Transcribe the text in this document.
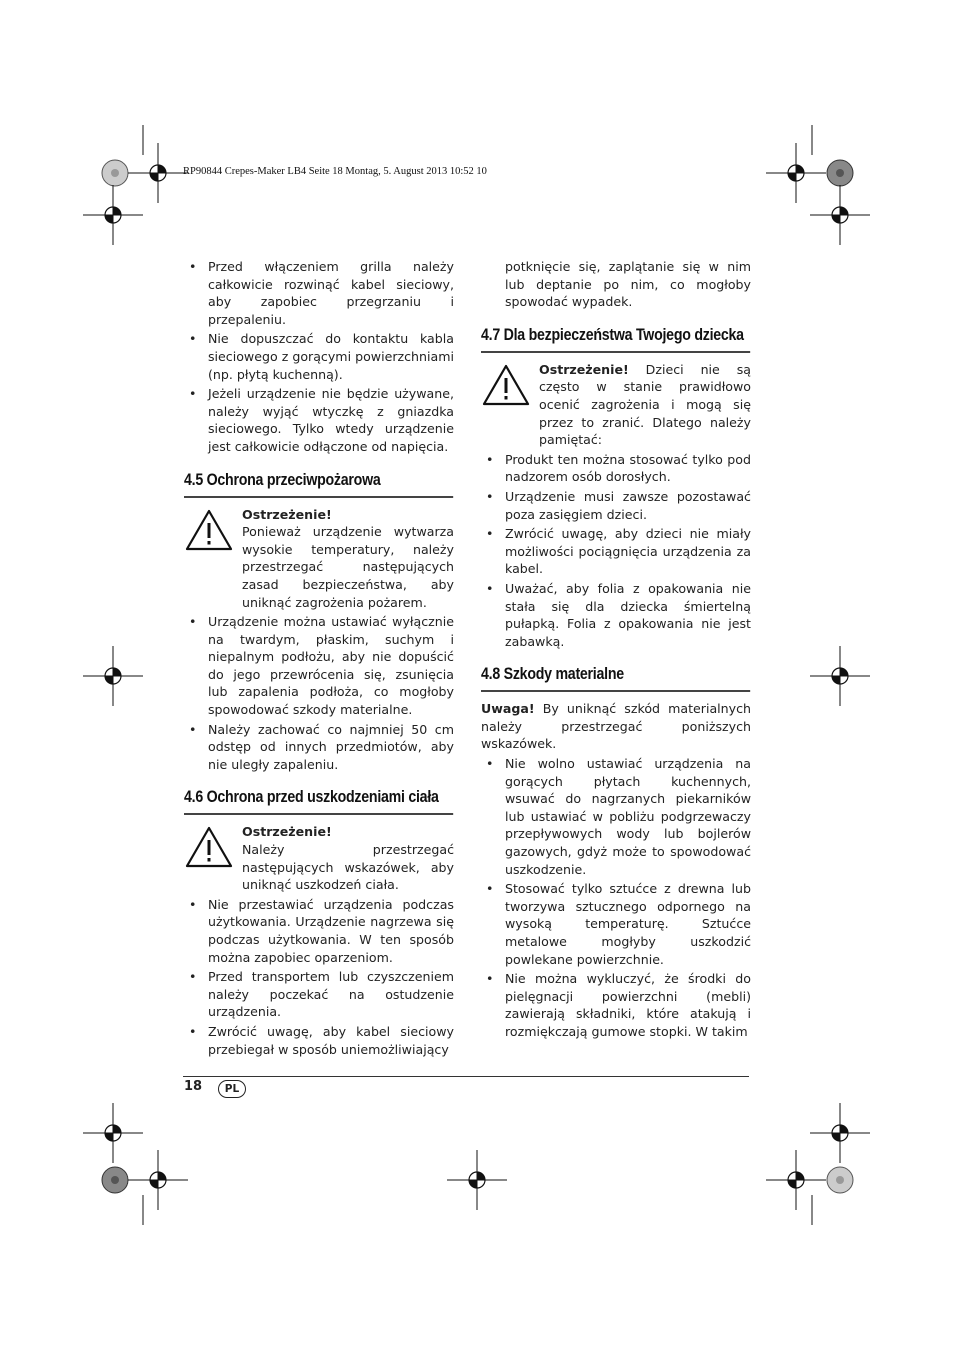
RP90844 Crepes-Maker LB4 Seite 18 Montag, 5. August 2013 10:52 10
• Przed włączeniem grilla należy całkowicie rozwinąć kabel sieciowy, aby zapobiec przegrzaniu i przepaleniu.
• Nie dopuszczać do kontaktu kabla sieciowego z gorącymi powierzchniami (np. płytą kuchenną).
• Jeżeli urządzenie nie będzie używane, należy wyjąć wtyczkę z gniazdka sieciowego. Tylko wtedy urządzenie jest całkowicie odłączone od napięcia.
4.5 Ochrona przeciwpożarowa
Ostrzeżenie!
Ponieważ urządzenie wytwarza wysokie temperatury, należy przestrzegać następujących zasad bezpieczeństwa, aby uniknąć zagrożenia pożarem.
• Urządzenie można ustawiać wyłącznie na twardym, płaskim, suchym i niepalnym podłożu, aby nie dopuścić do jego przewrócenia się, zsunięcia lub zapalenia podłoża, co mogłoby spowodować szkody materialne.
• Należy zachować co najmniej 50 cm odstęp od innych przedmiotów, aby nie uległy zapaleniu.
4.6 Ochrona przed uszkodzeniami ciała
Ostrzeżenie!
Należy przestrzegać następujących wskazówek, aby uniknąć uszkodzeń ciała.
• Nie przestawiać urządzenia podczas użytkowania. Urządzenie nagrzewa się podczas użytkowania. W ten sposób można zapobiec oparzeniom.
• Przed transportem lub czyszczeniem należy poczekać na ostudzenie urządzenia.
• Zwrócić uwagę, aby kabel sieciowy przebiegał w sposób uniemożliwiający
potknięcie się, zaplątanie się w nim lub deptanie po nim, co mogłoby spowodać wypadek.
4.7 Dla bezpieczeństwa Twojego dziecka
Ostrzeżenie! Dzieci nie są często w stanie prawidłowo ocenić zagrożenia i mogą się przez to zranić. Dlatego należy pamiętać:
• Produkt ten można stosować tylko pod nadzorem osób dorosłych.
• Urządzenie musi zawsze pozostawać poza zasięgiem dzieci.
• Zwrócić uwagę, aby dzieci nie miały możliwości pociągnięcia urządzenia za kabel.
• Uważać, aby folia z opakowania nie stała się dla dziecka śmiertelną pułapką. Folia z opakowania nie jest zabawką.
4.8 Szkody materialne
Uwaga! By uniknąć szkód materialnych należy przestrzegać poniższych wskazówek.
• Nie wolno ustawiać urządzenia na gorących płytach kuchennych, wsuwać do nagrzanych piekarników lub ustawiać w pobliżu podgrzewaczy przepływowych wody lub bojlerów gazowych, gdyż może to spowodować uszkodzenie.
• Stosować tylko sztućce z drewna lub tworzywa sztucznego odpornego na wysoką temperaturę. Sztućce metalowe mogłyby uszkodzić powlekane powierzchnie.
• Nie można wykluczyć, że środki do pielęgnacji powierzchni (mebli) zawierają składniki, które atakują i rozmiękczają gumowe stopki. W takim
18	PL
